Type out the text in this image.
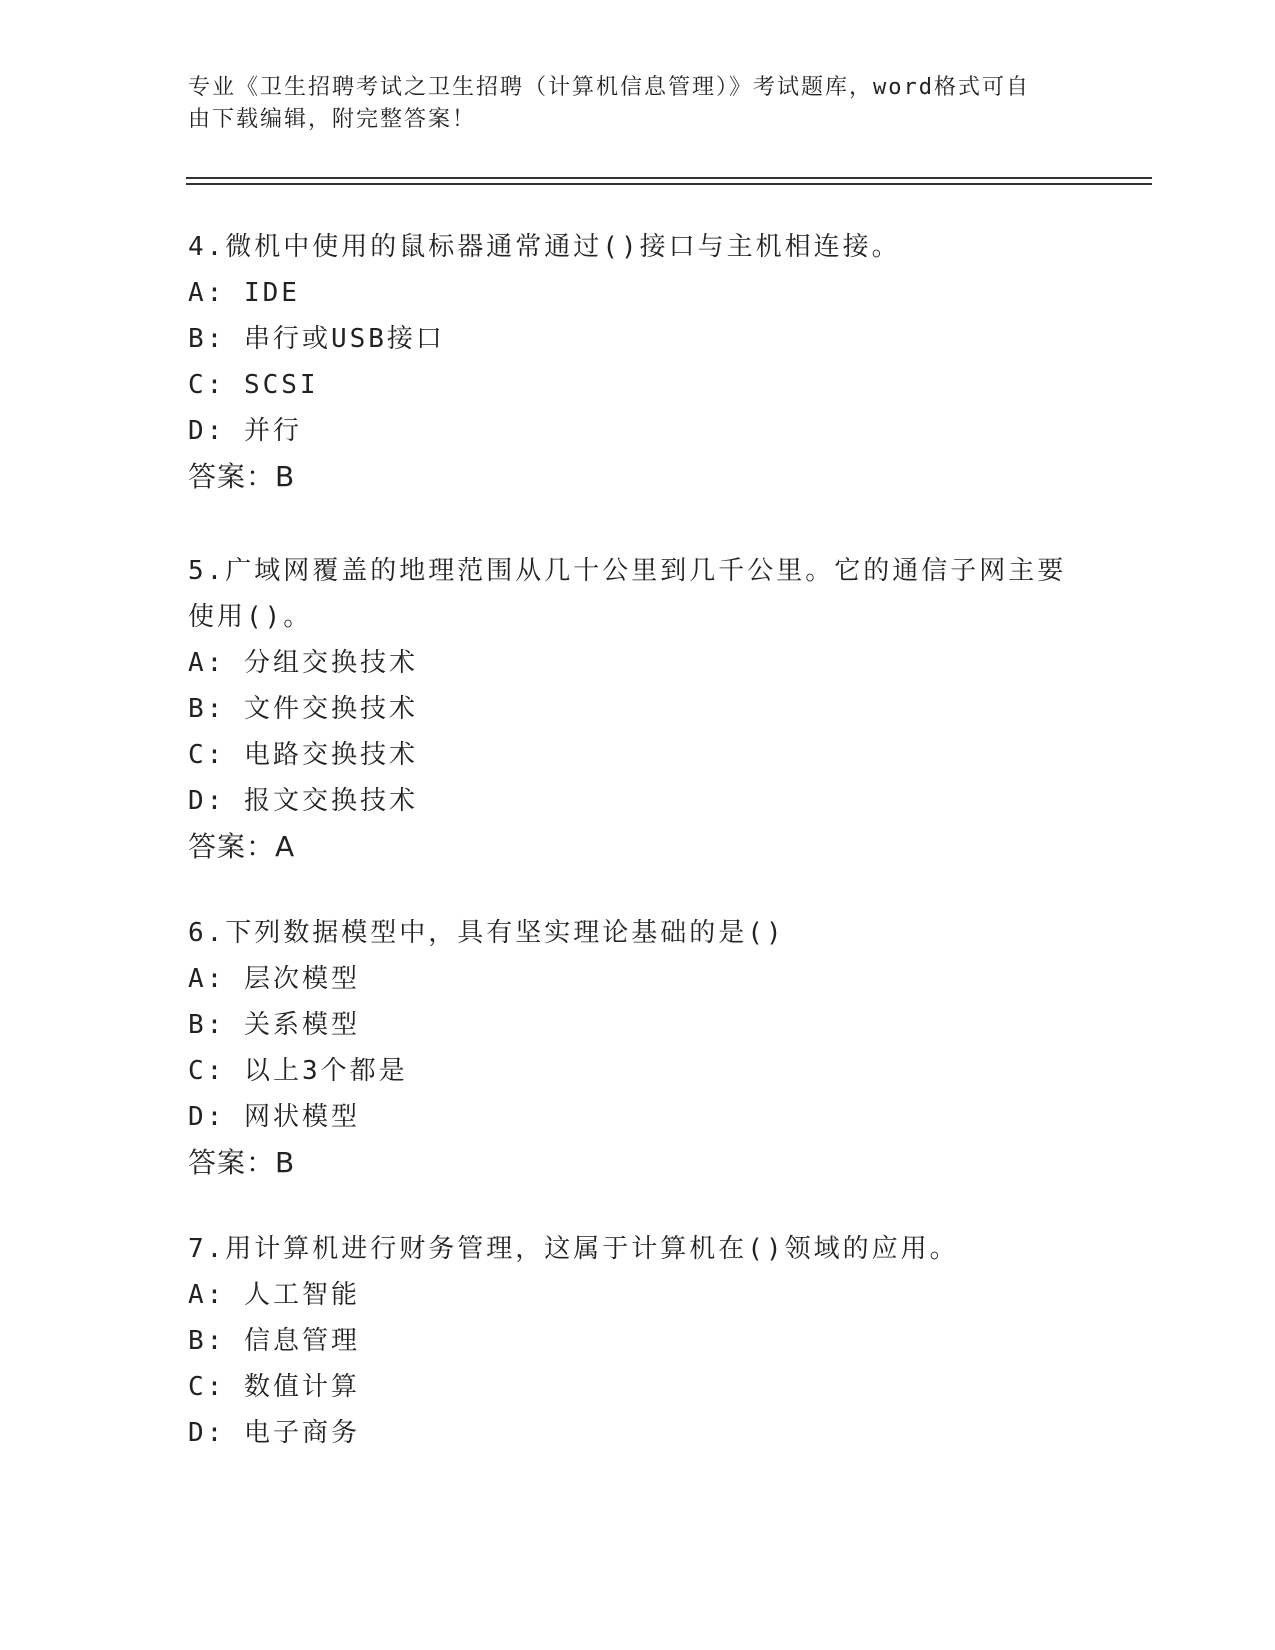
专业《卫生招聘考试之卫生招聘（计算机信息管理）》考试题库，word格式可自
由下载编辑，附完整答案！
4.微机中使用的鼠标器通常通过()接口与主机相连接。
A: IDE
B: 串行或USB接口
C: SCSI
D: 并行
答案：B
5.广域网覆盖的地理范围从几十公里到几千公里。它的通信子网主要
使用()。
A: 分组交换技术
B: 文件交换技术
C: 电路交换技术
D: 报文交换技术
答案：A
6.下列数据模型中，具有坚实理论基础的是()
A: 层次模型
B: 关系模型
C: 以上3个都是
D: 网状模型
答案：B
7.用计算机进行财务管理，这属于计算机在()领域的应用。
A: 人工智能
B: 信息管理
C: 数值计算
D: 电子商务
